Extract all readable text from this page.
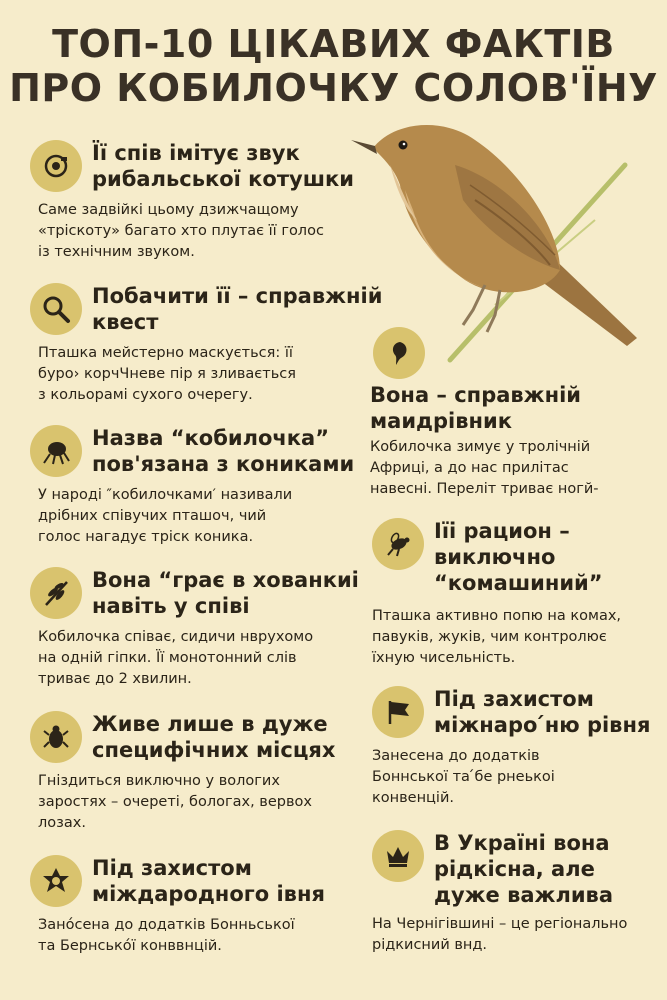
ТОП-10 ЦІКАВИХ ФАКТІВ
ПРО КОБИЛОЧКУ СОЛОВ'ЇНУ
Її спів імітує звук
рибальської котушки
Саме задвійкі цьому дзижчащому
«тріскоту» багато хто плутає її голос
із технічним звуком.
Побачити її – справжній
квест
Пташка мейстерно маскується: її
буро› корчЧневе пір я зливається
з кольорамі сухого очерегу.
Назва “кобилочка”
пов'язана з кониками
У народі ″кобилочками′ називали
дрібних співучих пташоч, чий
голос нагадує тріск коника.
Вона “грає в хованкиі
навіть у співі
Кобилочка співає, сидичи нврухомо
на одній гіпки. Її монотонний слів
триває до 2 хвилин.
Живе лише в дуже
специфічних місцях
Гніздиться виключно у вологих
заростях – очереті, бологах, вервох
лозах.
Під захистом
міждародного івня
Занóсена до додатків Бонньської
та Бернсько́ї конввнцій.
Вона – справжній
маидрівник
Кобилочка зимує у тролічній
Африці, а до нас прилітас
навесні. Переліт триває ногй-
Іїі рацион –
виключно
“комашиний”
Пташка активно попю на комах,
павуків, жуків, чим контролює
їхную чисельність.
Під захистом
міжнаро ́ню рівня
Занесена до додатків
Боннської та ́бе рнеькоі
конвенцій.
В Україні вона
рідкісна, але
дуже важлива
На Чернігівшині – це регіонально
рідкисний внд.
